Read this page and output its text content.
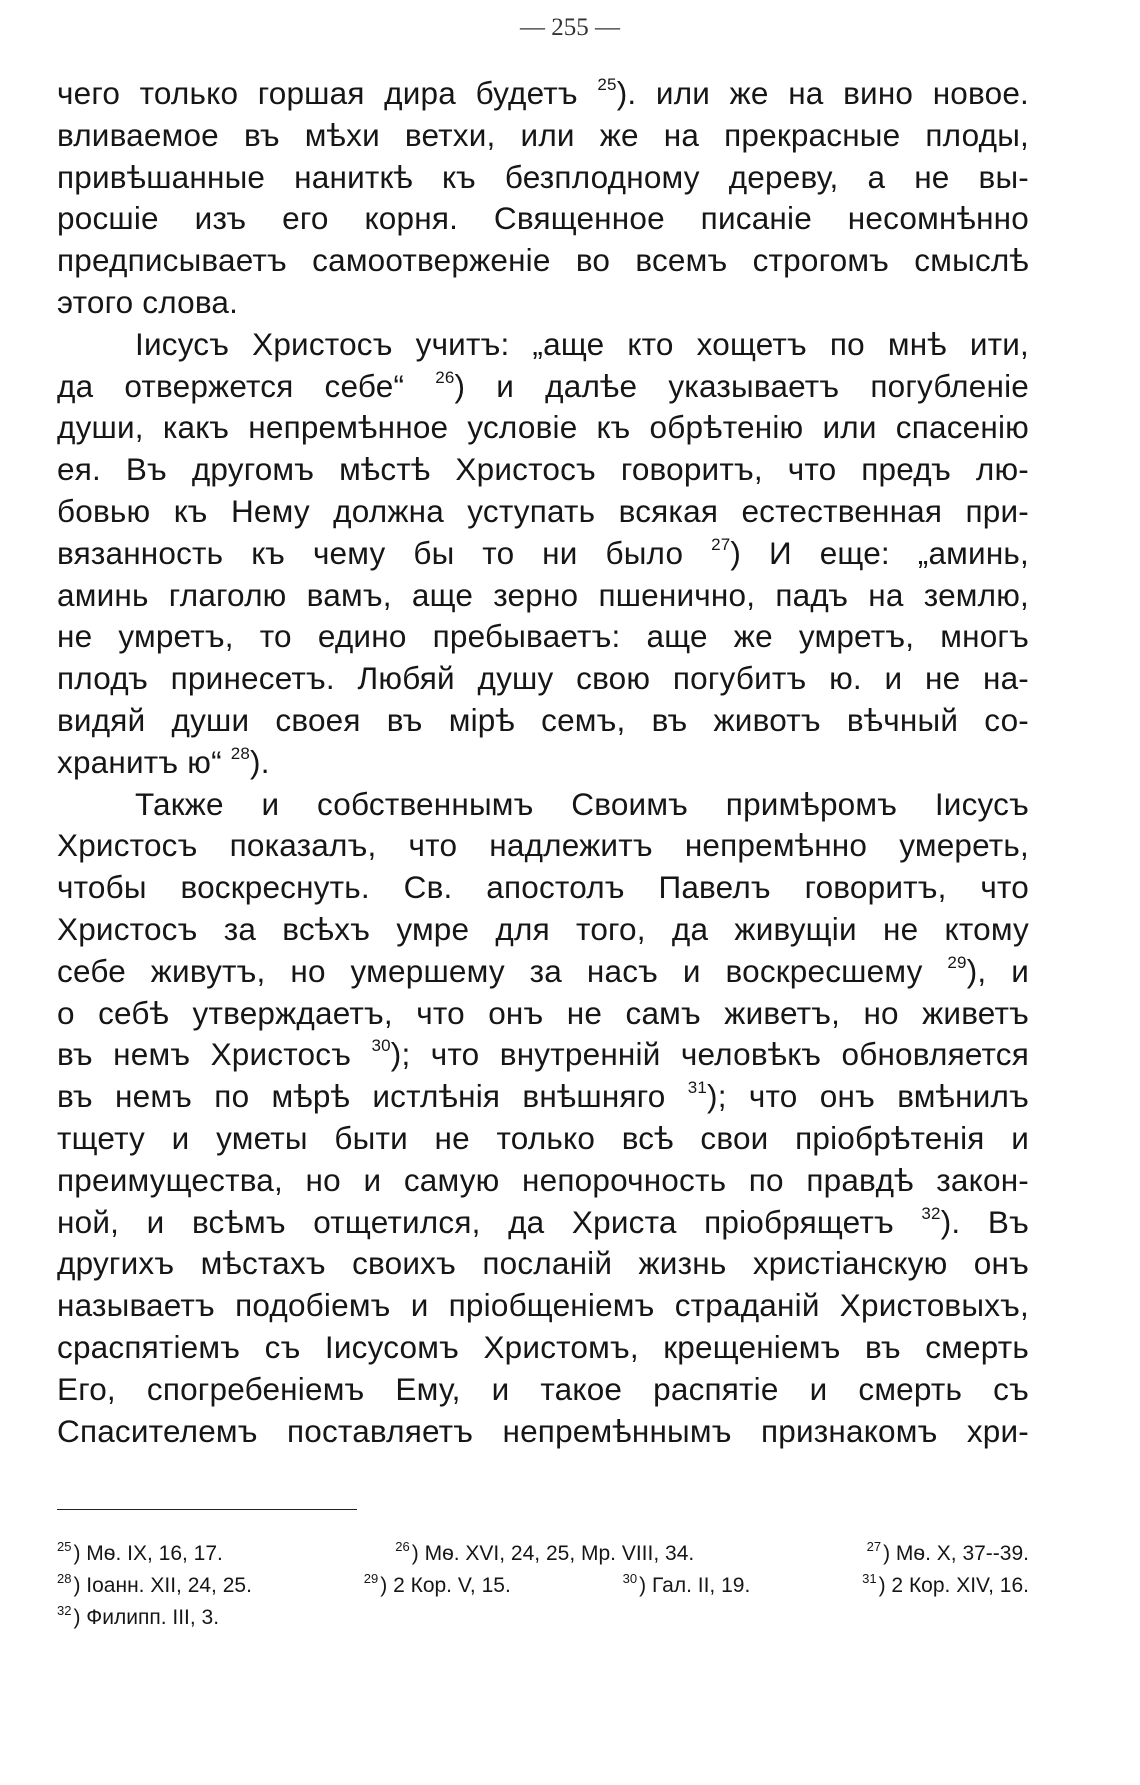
— 255 —
чего только горшая дира будетъ $^{25}$). или же на вино новое.
вливаемое въ мѣхи ветхи, или же на прекрасные плоды,
привѣшанные наниткѣ къ безплодному дереву, а не вы-
росшіе изъ его корня. Священное писаніе несомнѣнно
предписываетъ самоотверженіе во всемъ строгомъ смыслѣ
этого слова.
Іисусъ Христосъ учитъ: „аще кто хощетъ по мнѣ ити,
да отвержется себе“ $^{26}$) и далѣе указываетъ погубленіе
души, какъ непремѣнное условіе къ обрѣтенію или спасенію
ея. Въ другомъ мѣстѣ Христосъ говоритъ, что предъ лю-
бовью къ Нему должна уступать всякая естественная при-
вязанность къ чему бы то ни было $^{27}$) И еще: „аминь,
аминь глаголю вамъ, аще зерно пшенично, падъ на землю,
не умретъ, то едино пребываетъ: аще же умретъ, многъ
плодъ принесетъ. Любяй душу свою погубитъ ю. и не на-
видяй души своея въ мірѣ семъ, въ животъ вѣчный со-
хранитъ ю“ $^{28}$).
Также и собственнымъ Своимъ примѣромъ Іисусъ
Христосъ показалъ, что надлежитъ непремѣнно умереть,
чтобы воскреснуть. Св. апостолъ Павелъ говоритъ, что
Христосъ за всѣхъ умре для того, да живущіи не ктому
себе живутъ, но умершему за насъ и воскресшему $^{29}$), и
о себѣ утверждаетъ, что онъ не самъ живетъ, но живетъ
въ немъ Христосъ $^{30}$); что внутренній человѣкъ обновляется
въ немъ по мѣрѣ истлѣнія внѣшняго $^{31}$); что онъ вмѣнилъ
тщету и уметы быти не только всѣ свои пріобрѣтенія и
преимущества, но и самую непорочность по правдѣ закон-
ной, и всѣмъ отщетился, да Христа пріобрящетъ $^{32}$). Въ
другихъ мѣстахъ своихъ посланій жизнь христіанскую онъ
называетъ подобіемъ и пріобщеніемъ страданій Христовыхъ,
сраспятіемъ съ Іисусомъ Христомъ, крещеніемъ въ смерть
Его, спогребеніемъ Ему, и такое распятіе и смерть съ
Спасителемъ поставляетъ непремѣннымъ признакомъ хри-
$^{25}$) Мѳ. IX, 16, 17.	$^{26}$) Мѳ. XVI, 24, 25, Мр. VIII, 34.	$^{27}$) Мѳ. X, 37--39.
$^{28}$) Іоанн. XII, 24, 25.	$^{29}$) 2 Кор. V, 15.	$^{30}$) Гал. II, 19.	$^{31}$) 2 Кор. XIV, 16.
$^{32}$) Филипп. III, 3.
